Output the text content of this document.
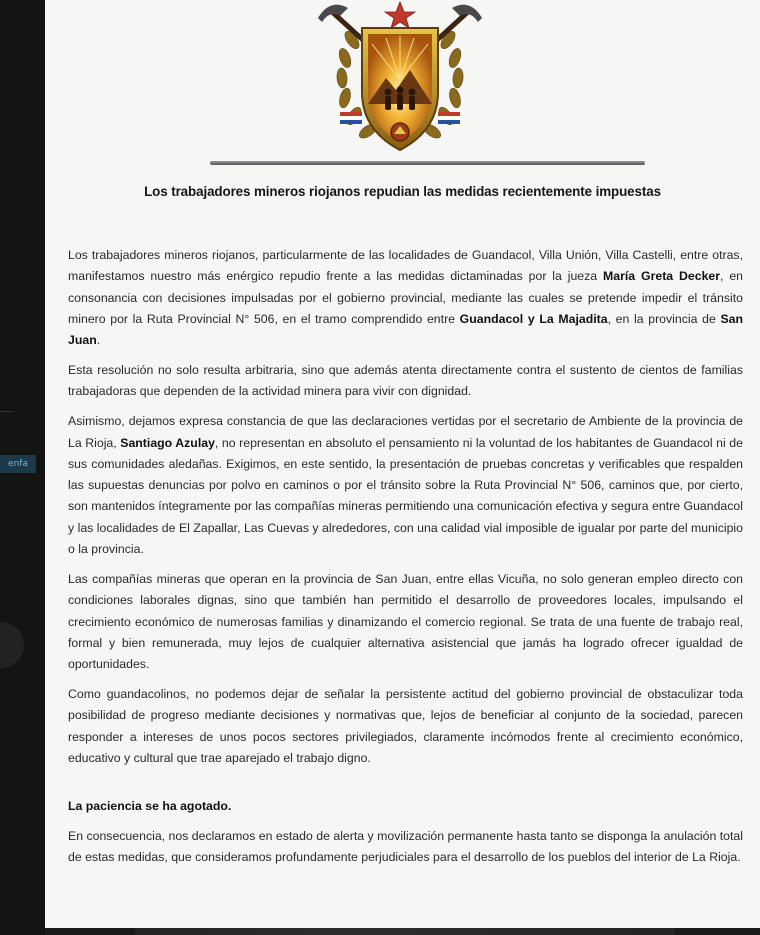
enfa
Los trabajadores mineros riojanos repudian las medidas recientemente impuestas

Los trabajadores mineros riojanos, particularmente de las localidades de Guandacol, Villa Unión, Villa Castelli, entre otras, manifestamos nuestro más enérgico repudio frente a las medidas dictaminadas por la jueza María Greta Decker, en consonancia con decisiones impulsadas por el gobierno provincial, mediante las cuales se pretende impedir el tránsito minero por la Ruta Provincial N° 506, en el tramo comprendido entre Guandacol y La Majadita, en la provincia de San Juan.

Esta resolución no solo resulta arbitraria, sino que además atenta directamente contra el sustento de cientos de familias trabajadoras que dependen de la actividad minera para vivir con dignidad.

Asimismo, dejamos expresa constancia de que las declaraciones vertidas por el secretario de Ambiente de la provincia de La Rioja, Santiago Azulay, no representan en absoluto el pensamiento ni la voluntad de los habitantes de Guandacol ni de sus comunidades aledañas. Exigimos, en este sentido, la presentación de pruebas concretas y verificables que respalden las supuestas denuncias por polvo en caminos o por el tránsito sobre la Ruta Provincial N° 506, caminos que, por cierto, son mantenidos íntegramente por las compañías mineras permitiendo una comunicación efectiva y segura entre Guandacol y las localidades de El Zapallar, Las Cuevas y alrededores, con una calidad vial imposible de igualar por parte del municipio o la provincia.

Las compañías mineras que operan en la provincia de San Juan, entre ellas Vicuña, no solo generan empleo directo con condiciones laborales dignas, sino que también han permitido el desarrollo de proveedores locales, impulsando el crecimiento económico de numerosas familias y dinamizando el comercio regional. Se trata de una fuente de trabajo real, formal y bien remunerada, muy lejos de cualquier alternativa asistencial que jamás ha logrado ofrecer igualdad de oportunidades.

Como guandacolinos, no podemos dejar de señalar la persistente actitud del gobierno provincial de obstaculizar toda posibilidad de progreso mediante decisiones y normativas que, lejos de beneficiar al conjunto de la sociedad, parecen responder a intereses de unos pocos sectores privilegiados, claramente incómodos frente al crecimiento económico, educativo y cultural que trae aparejado el trabajo digno.

La paciencia se ha agotado.

En consecuencia, nos declaramos en estado de alerta y movilización permanente hasta tanto se disponga la anulación total de estas medidas, que consideramos profundamente perjudiciales para el desarrollo de los pueblos del interior de La Rioja.
